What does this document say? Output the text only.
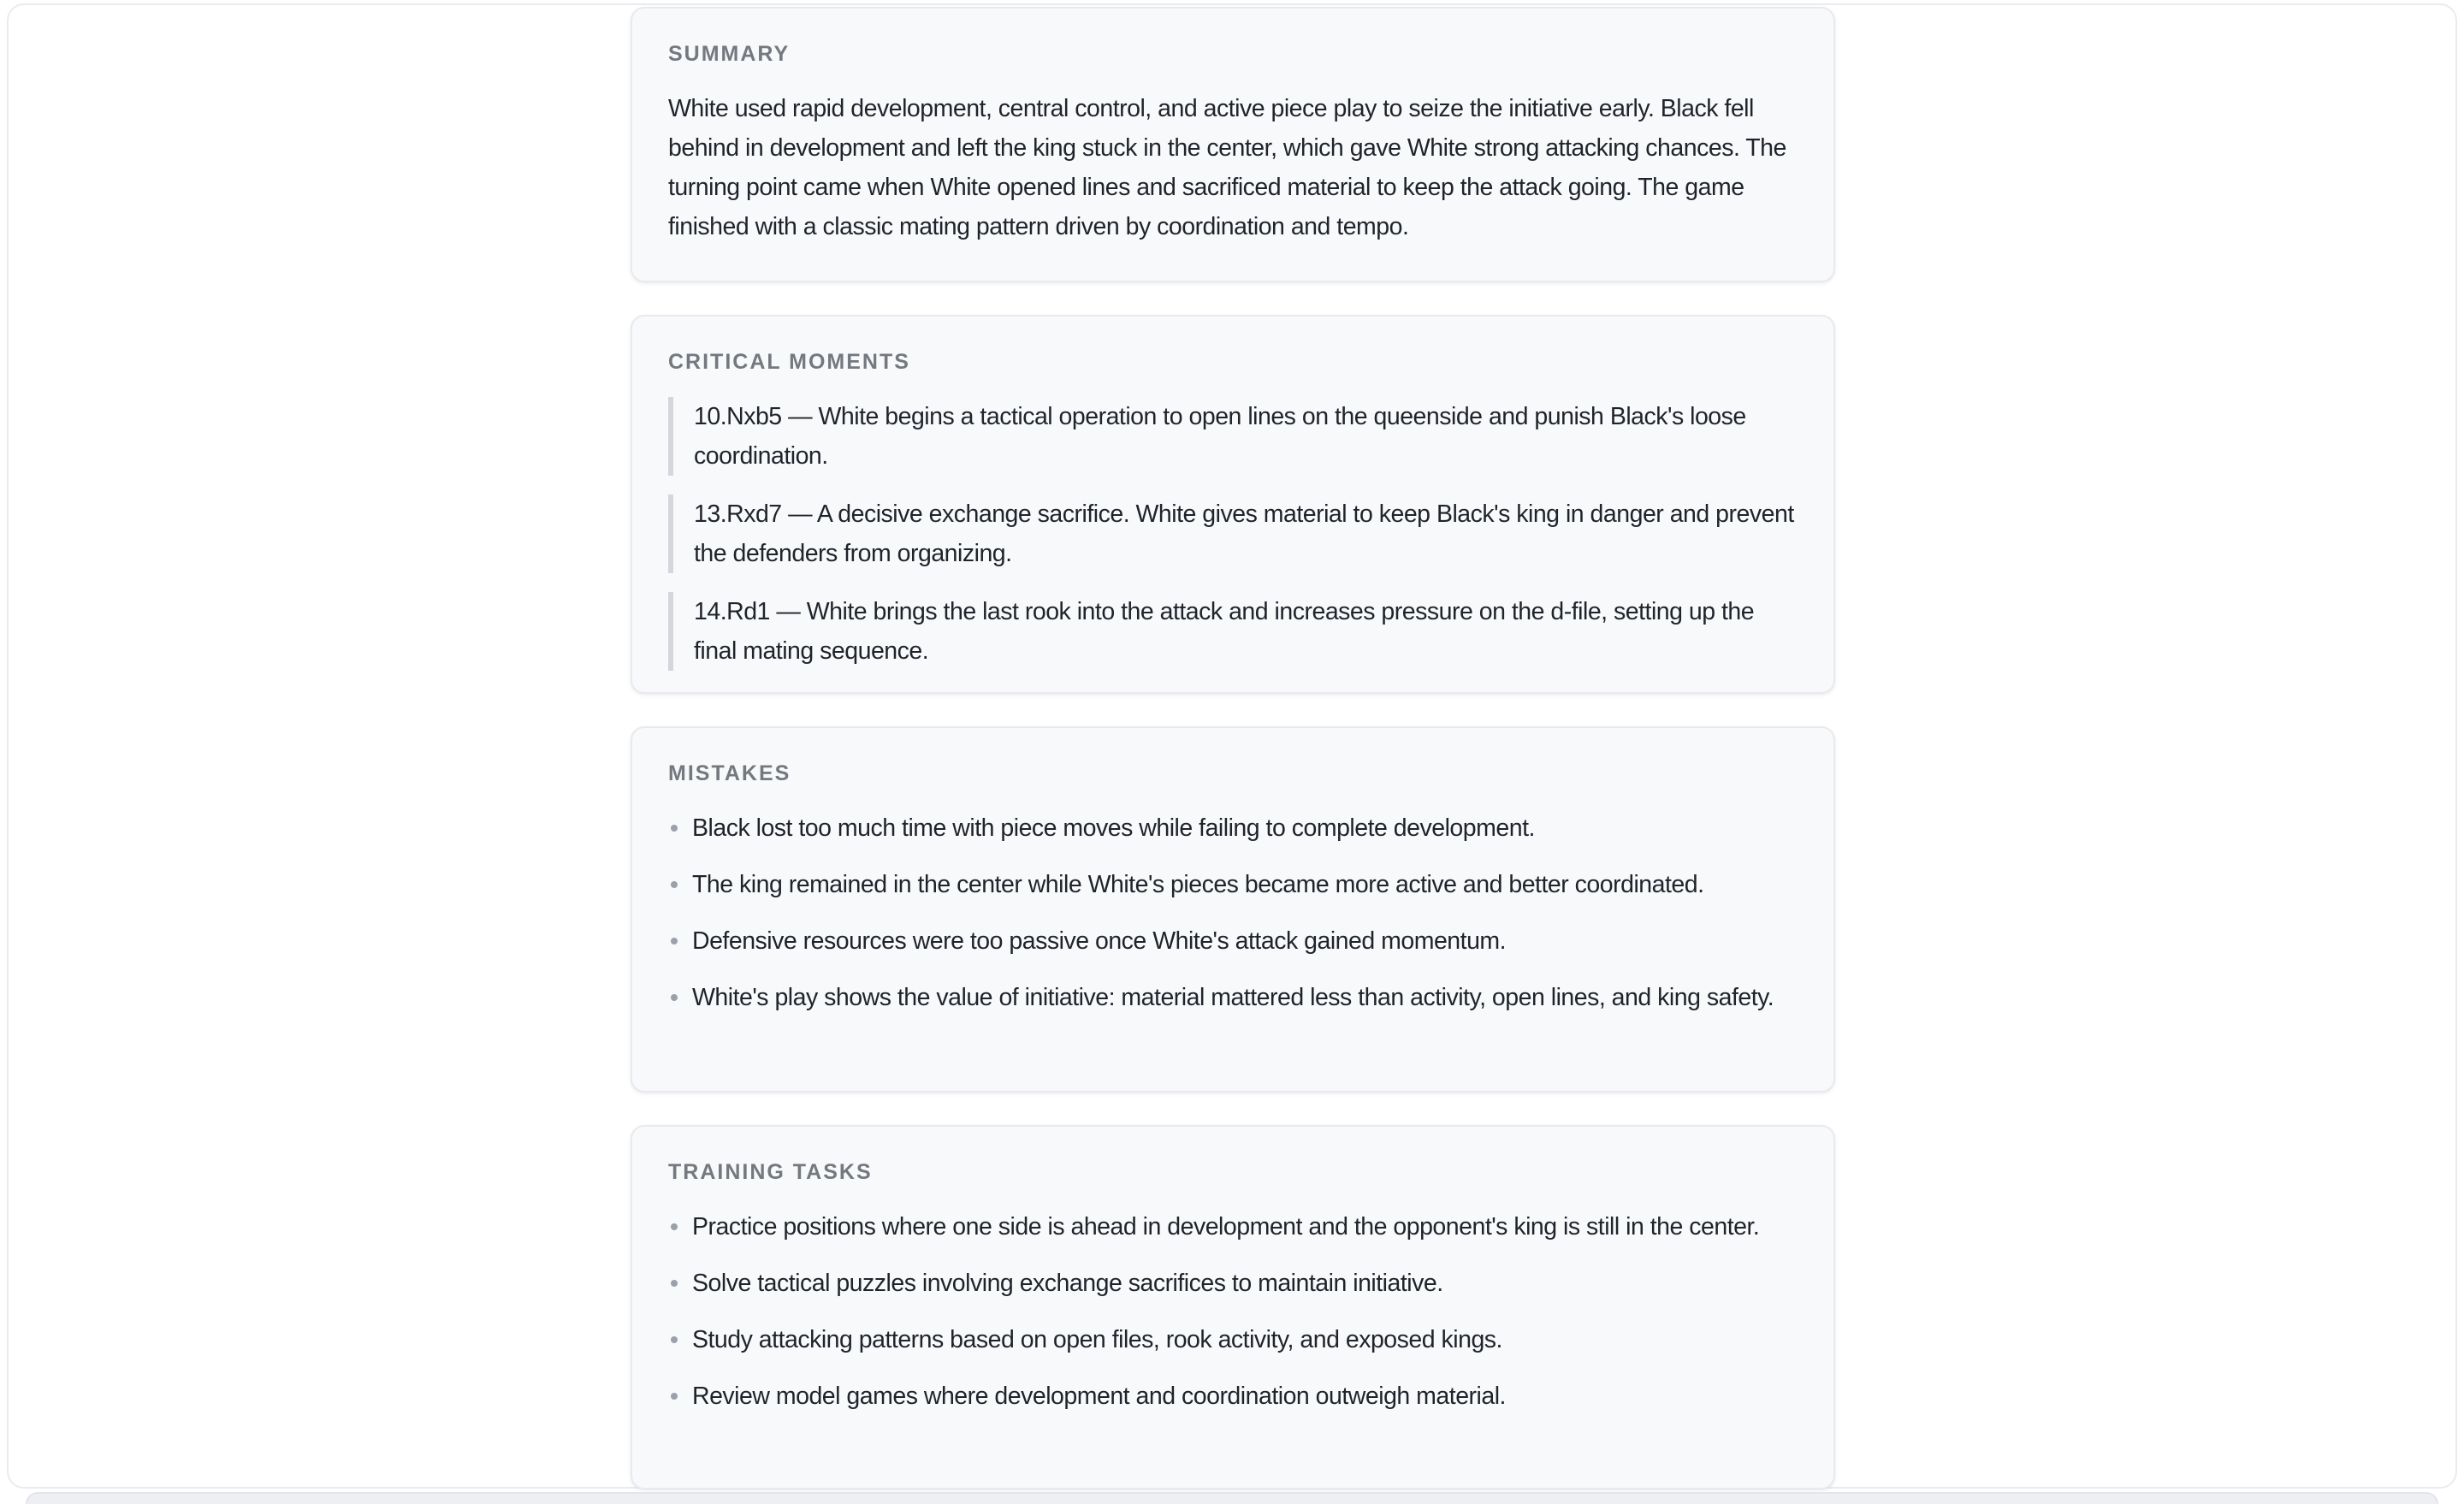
SUMMARY

White used rapid development, central control, and active piece play to seize the initiative early. Black fell behind in development and left the king stuck in the center, which gave White strong attacking chances. The turning point came when White opened lines and sacrificed material to keep the attack going. The game finished with a classic mating pattern driven by coordination and tempo.

CRITICAL MOMENTS
10.Nxb5 — White begins a tactical operation to open lines on the queenside and punish Black's loose coordination.
13.Rxd7 — A decisive exchange sacrifice. White gives material to keep Black's king in danger and prevent the defenders from organizing.
14.Rd1 — White brings the last rook into the attack and increases pressure on the d-file, setting up the final mating sequence.
MISTAKES
Black lost too much time with piece moves while failing to complete development.
The king remained in the center while White's pieces became more active and better coordinated.
Defensive resources were too passive once White's attack gained momentum.
White's play shows the value of initiative: material mattered less than activity, open lines, and king safety.
TRAINING TASKS
Practice positions where one side is ahead in development and the opponent's king is still in the center.
Solve tactical puzzles involving exchange sacrifices to maintain initiative.
Study attacking patterns based on open files, rook activity, and exposed kings.
Review model games where development and coordination outweigh material.
